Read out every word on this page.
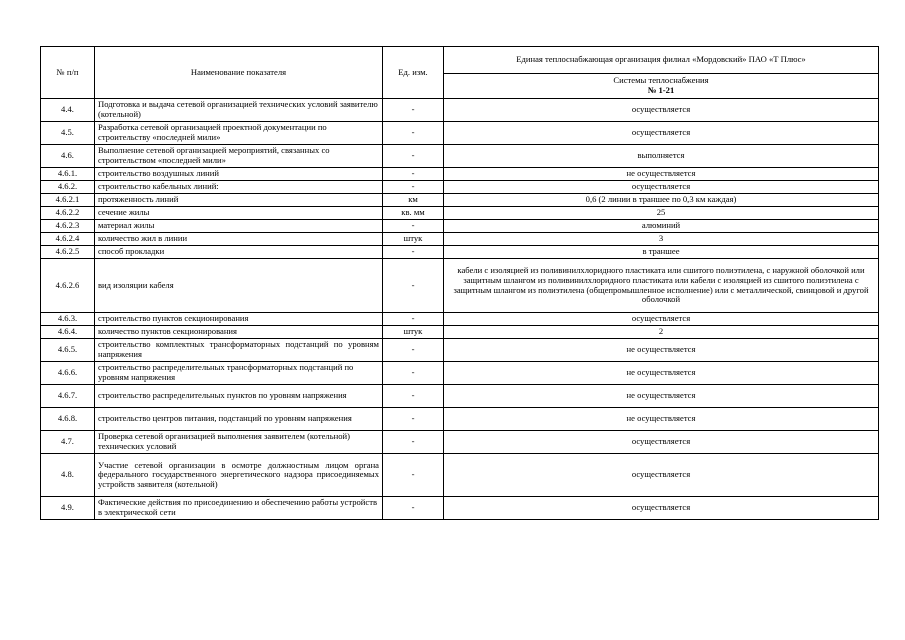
№ п/п	Наименование показателя	Ед. изм.	Единая теплоснабжающая организация филиал «Мордовский» ПАО «Т Плюс»

			Системы теплоснабжения
№ 1-21

4.4.	Подготовка и выдача сетевой организацией технических условий заявителю (котельной)	-	осуществляется
4.5.	Разработка сетевой организацией проектной документации по строительству «последней мили»	-	осуществляется
4.6.	Выполнение сетевой организацией мероприятий, связанных со строительством «последней мили»	-	выполняется
4.6.1.	строительство воздушных линий	-	не осуществляется
4.6.2.	строительство кабельных линий:	-	осуществляется
4.6.2.1	протяженность линий	км	0,6 (2 линии в траншее по 0,3 км каждая)
4.6.2.2	сечение жилы	кв. мм	25
4.6.2.3	материал жилы	-	алюминий
4.6.2.4	количество жил в линии	штук	3
4.6.2.5	способ прокладки	-	в траншее
4.6.2.6	вид изоляции кабеля	-	кабели с изоляцией из поливинилхлоридного пластиката или сшитого полиэтилена, с наружной оболочкой или защитным шлангом из поливинилхлоридного пластиката или кабели с изоляцией из сшитого полиэтилена с защитным шлангом из полиэтилена (общепромышленное исполнение) или с металлической, свинцовой и другой оболочкой
4.6.3.	строительство пунктов секционирования	-	осуществляется
4.6.4.	количество пунктов секционирования	штук	2
4.6.5.	строительство комплектных трансформаторных подстанций по уровням напряжения	-	не осуществляется
4.6.6.	строительство распределительных трансформаторных подстанций по уровням напряжения	-	не осуществляется
4.6.7.	строительство распределительных пунктов по уровням напряжения	-	не осуществляется
4.6.8.	строительство центров питания, подстанций по уровням напряжения	-	не осуществляется
4.7.	Проверка сетевой организацией выполнения заявителем (котельной) технических условий	-	осуществляется
4.8.	Участие сетевой организации в осмотре должностным лицом органа федерального государственного энергетического надзора присоединяемых устройств заявителя (котельной)	-	осуществляется
4.9.	Фактические действия по присоединению и обеспечению работы устройств в электрической сети	-	осуществляется
